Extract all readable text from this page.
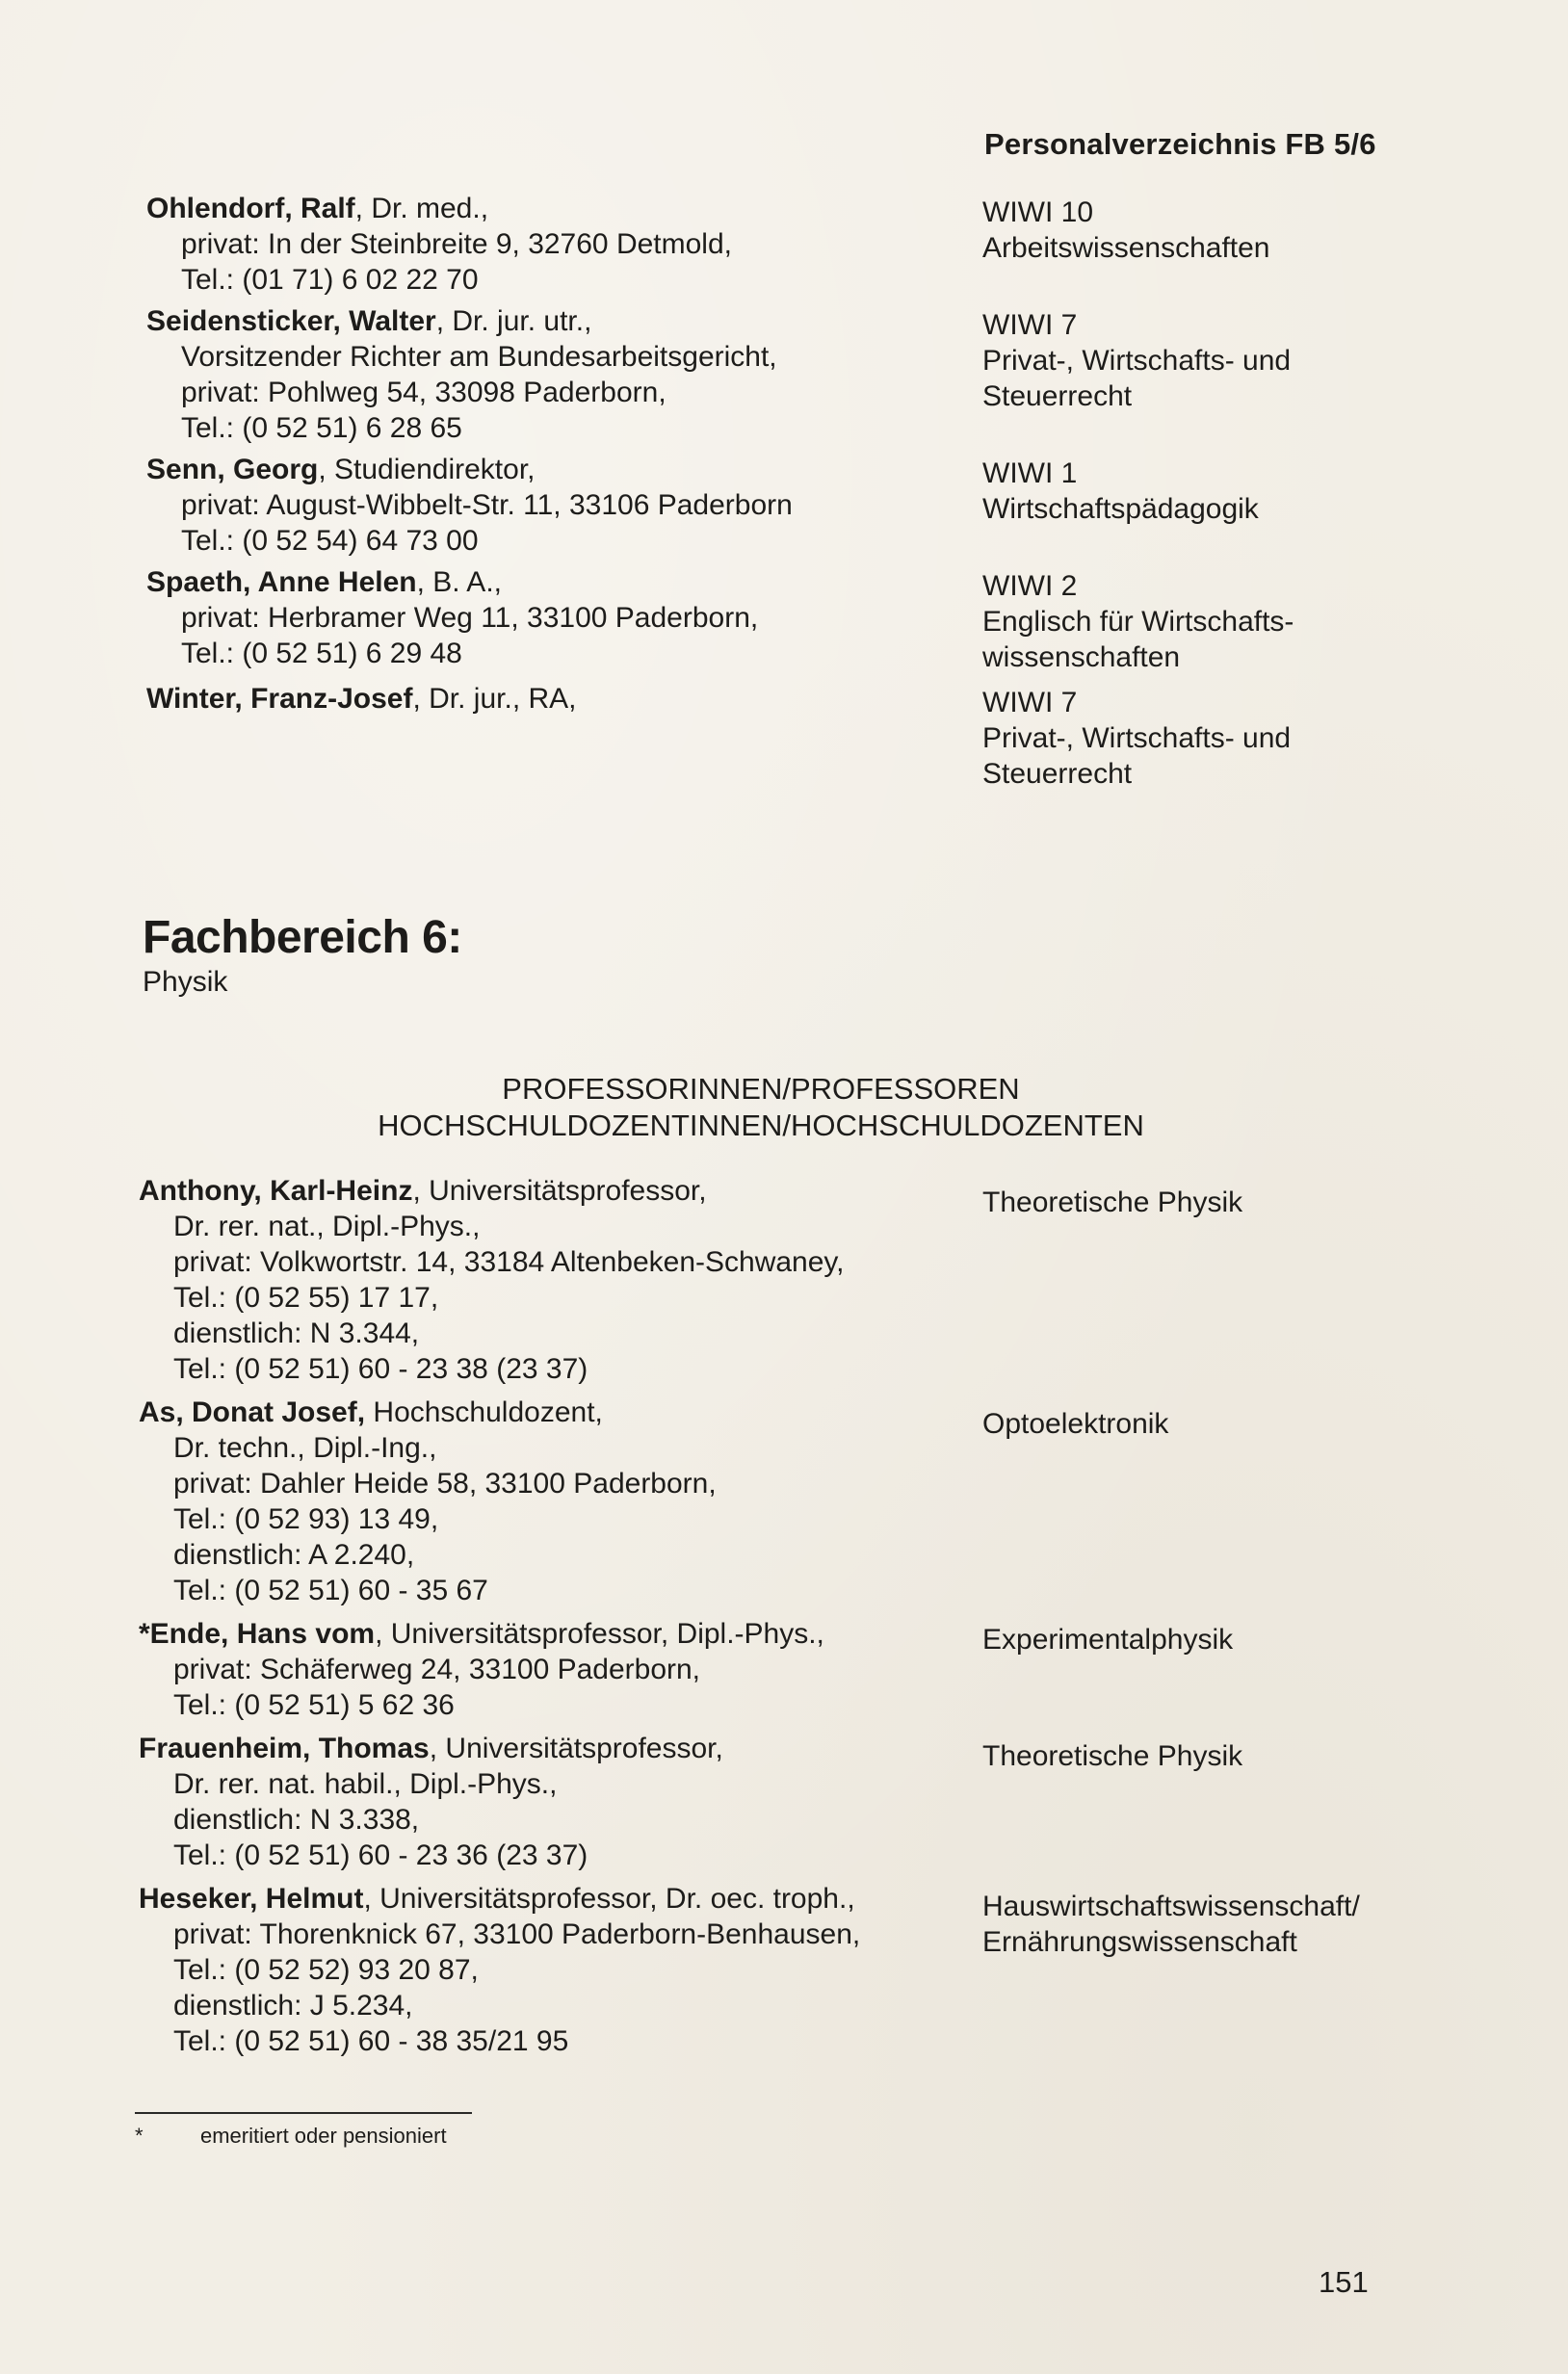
Personalverzeichnis FB 5/6
Ohlendorf, Ralf, Dr. med.,
privat: In der Steinbreite 9, 32760 Detmold,
Tel.: (01 71) 6 02 22 70
WIWI 10
Arbeitswissenschaften
Seidensticker, Walter, Dr. jur. utr.,
Vorsitzender Richter am Bundesarbeitsgericht,
privat: Pohlweg 54, 33098 Paderborn,
Tel.: (0 52 51) 6 28 65
WIWI 7
Privat-, Wirtschafts- und
Steuerrecht
Senn, Georg, Studiendirektor,
privat: August-Wibbelt-Str. 11, 33106 Paderborn
Tel.: (0 52 54) 64 73 00
WIWI 1
Wirtschaftspädagogik
Spaeth, Anne Helen, B. A.,
privat: Herbramer Weg 11, 33100 Paderborn,
Tel.: (0 52 51) 6 29 48
WIWI 2
Englisch für Wirtschafts-
wissenschaften
Winter, Franz-Josef, Dr. jur., RA,	WIWI 7
Privat-, Wirtschafts- und
Steuerrecht
Fachbereich 6:
Physik
PROFESSORINNEN/PROFESSOREN
HOCHSCHULDOZENTINNEN/HOCHSCHULDOZENTEN
Anthony, Karl-Heinz, Universitätsprofessor,
Dr. rer. nat., Dipl.-Phys.,
privat: Volkwortstr. 14, 33184 Altenbeken-Schwaney,
Tel.: (0 52 55) 17 17,
dienstlich: N 3.344,
Tel.: (0 52 51) 60 - 23 38 (23 37)
Theoretische Physik
As, Donat Josef, Hochschuldozent,
Dr. techn., Dipl.-Ing.,
privat: Dahler Heide 58, 33100 Paderborn,
Tel.: (0 52 93) 13 49,
dienstlich: A 2.240,
Tel.: (0 52 51) 60 - 35 67
Optoelektronik
*Ende, Hans vom, Universitätsprofessor, Dipl.-Phys.,
privat: Schäferweg 24, 33100 Paderborn,
Tel.: (0 52 51) 5 62 36
Experimentalphysik
Frauenheim, Thomas, Universitätsprofessor,
Dr. rer. nat. habil., Dipl.-Phys.,
dienstlich: N 3.338,
Tel.: (0 52 51) 60 - 23 36 (23 37)
Theoretische Physik
Heseker, Helmut, Universitätsprofessor, Dr. oec. troph.,
privat: Thorenknick 67, 33100 Paderborn-Benhausen,
Tel.: (0 52 52) 93 20 87,
dienstlich: J 5.234,
Tel.: (0 52 51) 60 - 38 35/21 95
Hauswirtschaftswissenschaft/
Ernährungswissenschaft
*	emeritiert oder pensioniert
151
